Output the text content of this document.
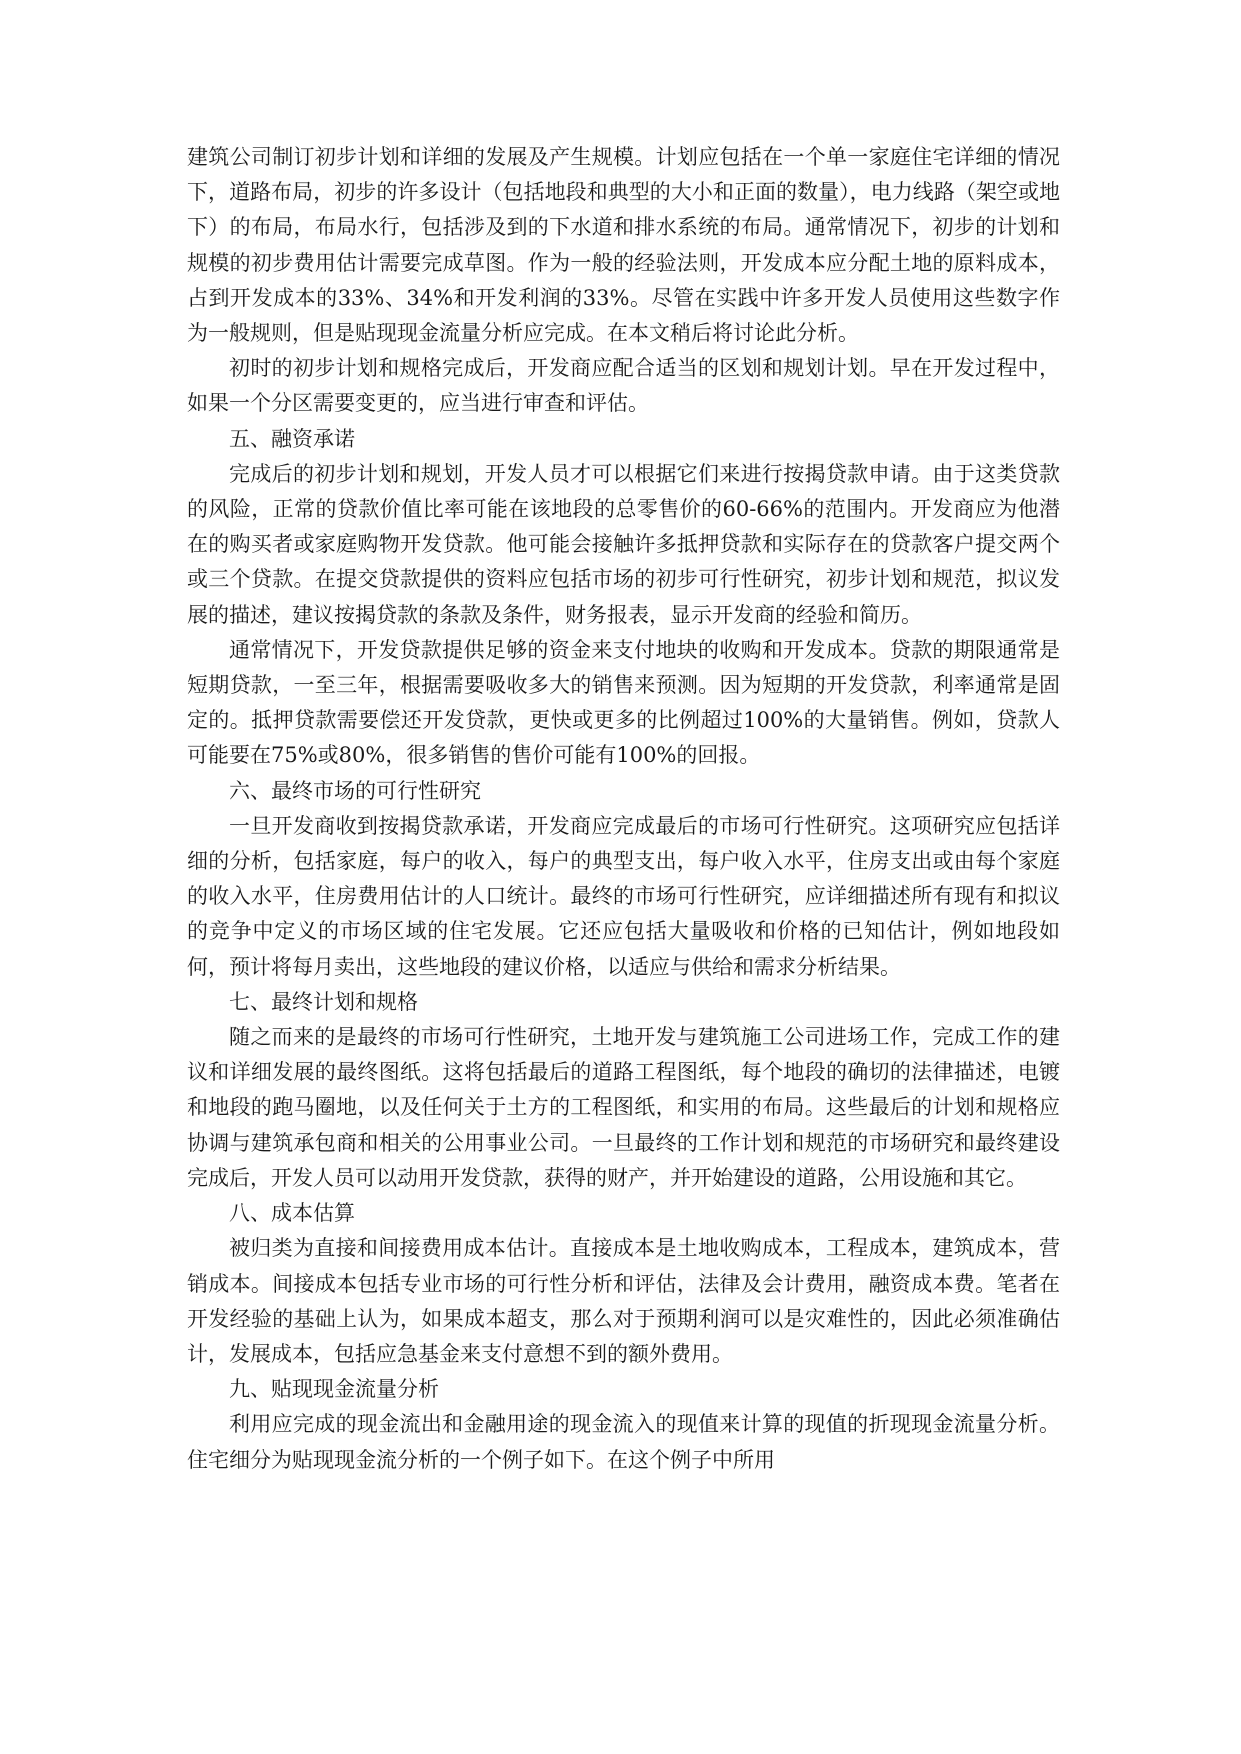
建筑公司制订初步计划和详细的发展及产生规模。计划应包括在一个单一家庭住宅详细的情况下，道路布局，初步的许多设计（包括地段和典型的大小和正面的数量），电力线路（架空或地下）的布局，布局水行，包括涉及到的下水道和排水系统的布局。通常情况下，初步的计划和规模的初步费用估计需要完成草图。作为一般的经验法则，开发成本应分配土地的原料成本，占到开发成本的33%、34%和开发利润的33%。尽管在实践中许多开发人员使用这些数字作为一般规则，但是贴现现金流量分析应完成。在本文稍后将讨论此分析。

初时的初步计划和规格完成后，开发商应配合适当的区划和规划计划。早在开发过程中，如果一个分区需要变更的，应当进行审查和评估。

五、融资承诺

完成后的初步计划和规划，开发人员才可以根据它们来进行按揭贷款申请。由于这类贷款的风险，正常的贷款价值比率可能在该地段的总零售价的60-66%的范围内。开发商应为他潜在的购买者或家庭购物开发贷款。他可能会接触许多抵押贷款和实际存在的贷款客户提交两个或三个贷款。在提交贷款提供的资料应包括市场的初步可行性研究，初步计划和规范，拟议发展的描述，建议按揭贷款的条款及条件，财务报表，显示开发商的经验和简历。

通常情况下，开发贷款提供足够的资金来支付地块的收购和开发成本。贷款的期限通常是短期贷款，一至三年，根据需要吸收多大的销售来预测。因为短期的开发贷款，利率通常是固定的。抵押贷款需要偿还开发贷款，更快或更多的比例超过100%的大量销售。例如，贷款人可能要在75%或80%，很多销售的售价可能有100%的回报。

六、最终市场的可行性研究

一旦开发商收到按揭贷款承诺，开发商应完成最后的市场可行性研究。这项研究应包括详细的分析，包括家庭，每户的收入，每户的典型支出，每户收入水平，住房支出或由每个家庭的收入水平，住房费用估计的人口统计。最终的市场可行性研究，应详细描述所有现有和拟议的竞争中定义的市场区域的住宅发展。它还应包括大量吸收和价格的已知估计，例如地段如何，预计将每月卖出，这些地段的建议价格，以适应与供给和需求分析结果。

七、最终计划和规格

随之而来的是最终的市场可行性研究，土地开发与建筑施工公司进场工作，完成工作的建议和详细发展的最终图纸。这将包括最后的道路工程图纸，每个地段的确切的法律描述，电镀和地段的跑马圈地，以及任何关于土方的工程图纸，和实用的布局。这些最后的计划和规格应协调与建筑承包商和相关的公用事业公司。一旦最终的工作计划和规范的市场研究和最终建设完成后，开发人员可以动用开发贷款，获得的财产，并开始建设的道路，公用设施和其它。

八、成本估算

被归类为直接和间接费用成本估计。直接成本是土地收购成本，工程成本，建筑成本，营销成本。间接成本包括专业市场的可行性分析和评估，法律及会计费用，融资成本费。笔者在开发经验的基础上认为，如果成本超支，那么对于预期利润可以是灾难性的，因此必须准确估计，发展成本，包括应急基金来支付意想不到的额外费用。

九、贴现现金流量分析

利用应完成的现金流出和金融用途的现金流入的现值来计算的现值的折现现金流量分析。住宅细分为贴现现金流分析的一个例子如下。在这个例子中所用
